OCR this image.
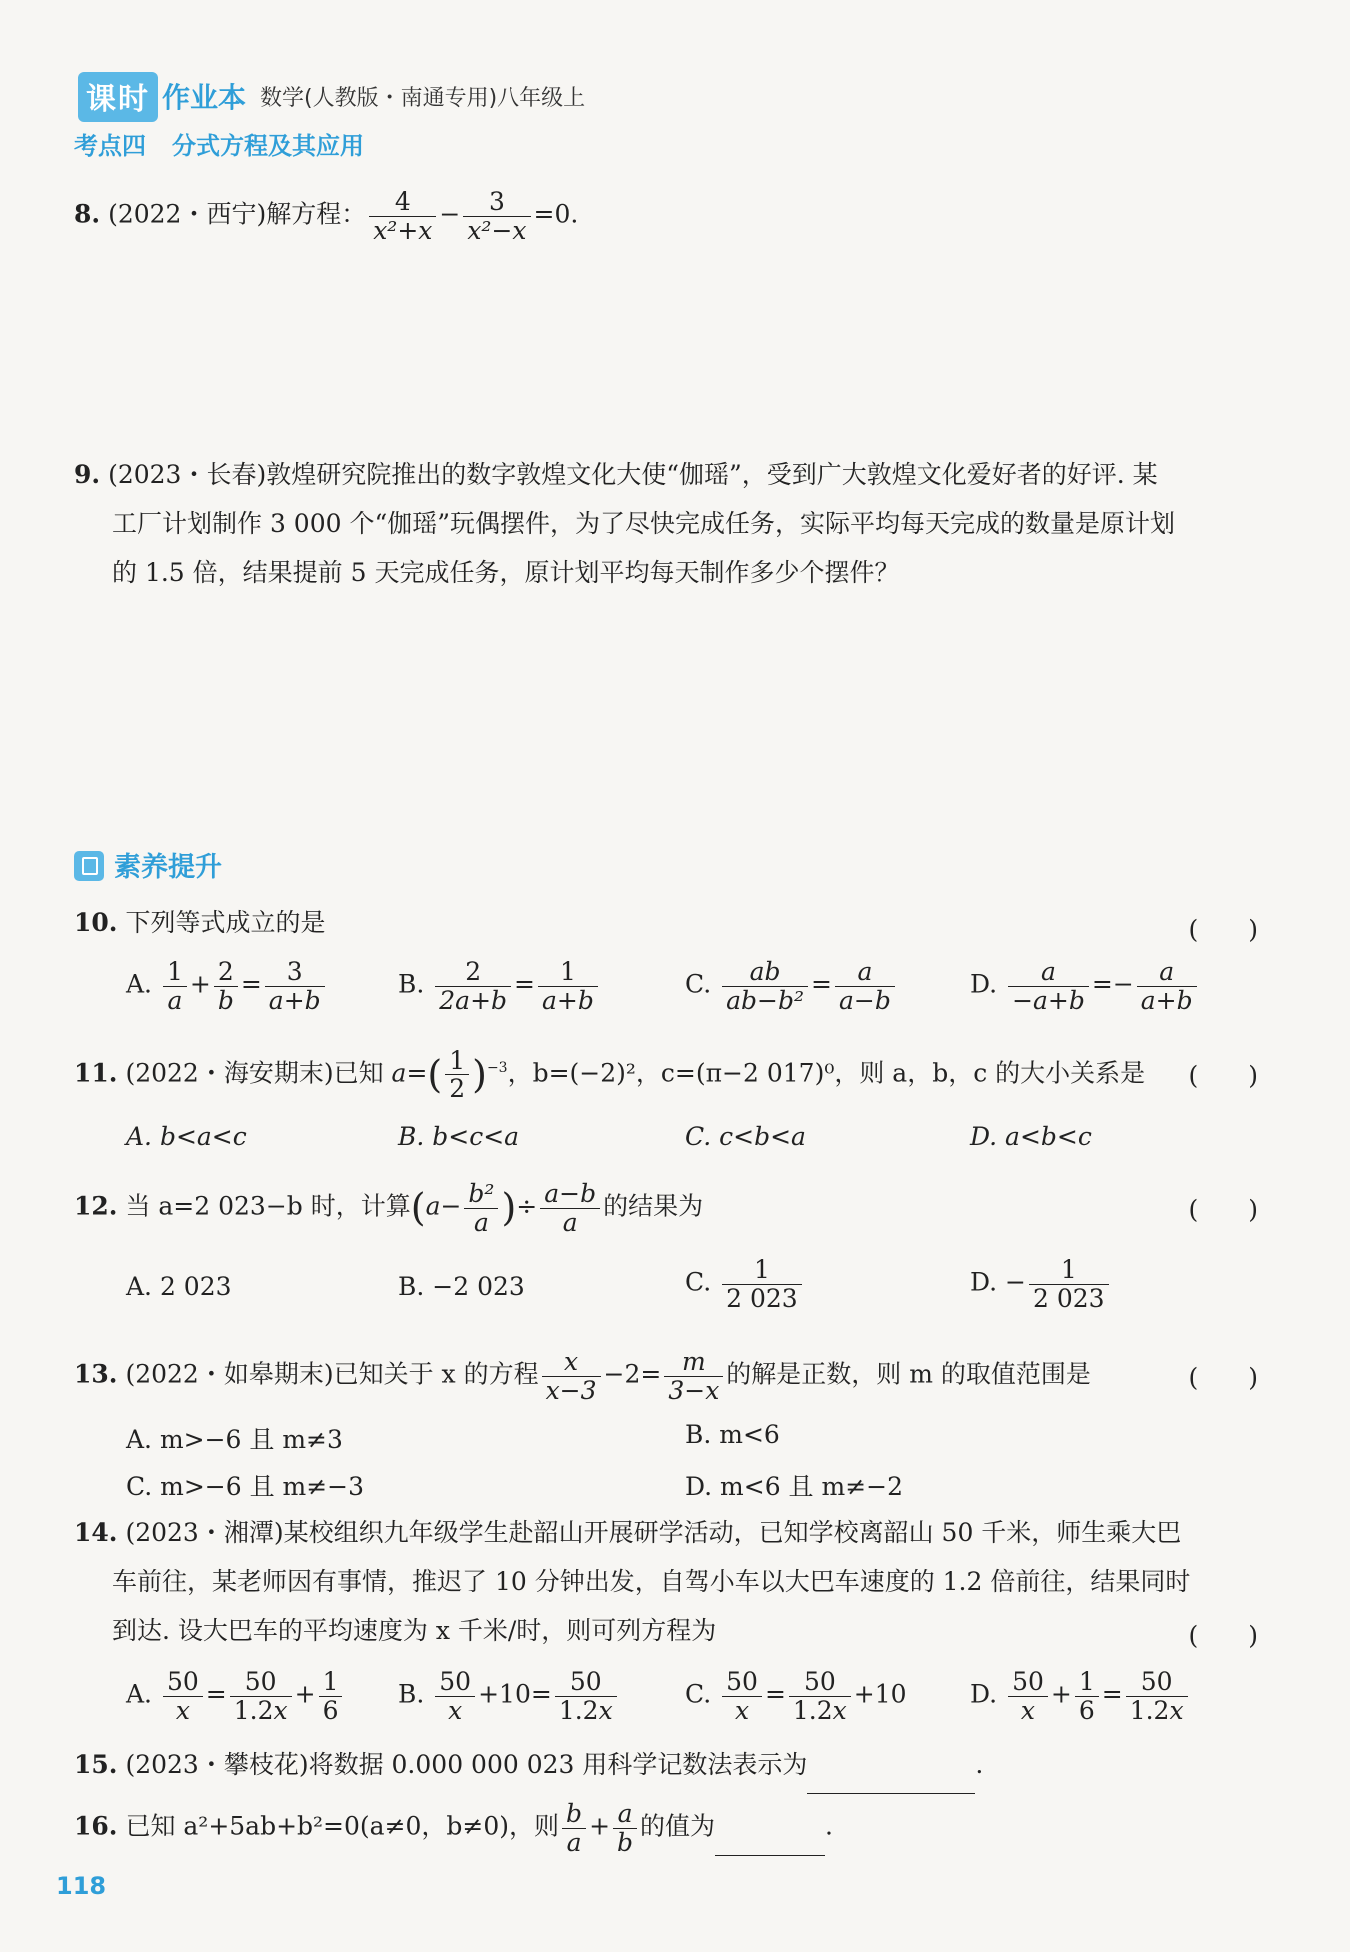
课时 作业本 数学(人教版・南通专用)八年级上
考点四 分式方程及其应用
8. (2022・西宁)解方程： $\frac{4}{\text{x²+x}} - \frac{3}{\text{x²−x}} =0$.
9. (2023・长春)敦煌研究院推出的数字敦煌文化大使“伽瑶”，受到广大敦煌文化爱好者的好评. 某
工厂计划制作 3 000 个“伽瑶”玩偶摆件，为了尽快完成任务，实际平均每天完成的数量是原计划
的 1.5 倍，结果提前 5 天完成任务，原计划平均每天制作多少个摆件？
素养提升
10. 下列等式成立的是	(　　)
A. $\frac{1}{a} + \frac{2}{b} = \frac{3}{a+b}$	B. $\frac{2}{2a+b} = \frac{1}{a+b}$	C. $\frac{ab}{\text{ab−b²}} = \frac{a}{a-b}$	D. $\frac{a}{-a+b} =- \frac{a}{a+b}$
11. (2022・海安期末)已知 $a=( \frac{1}{2} )^{-3}$，b=(−2)²，c=(π−2 017)⁰，则 a，b，c 的大小关系是 (　　)
A. b<a<c	B. b<c<a	C. c<b<a	D. a<b<c
12. 当 a=2 023−b 时，计算($a- \frac{\text{b²}}{a}$ )÷ $\frac{a-b}{a}$ 的结果为	(　　)
A. 2 023	B. −2 023	C. $\frac{1}{2 023}$	D. − $\frac{1}{2 023}$
13. (2022・如皋期末)已知关于 x 的方程 $\frac{x}{x-3} -2= \frac{m}{3-x}$ 的解是正数，则 m 的取值范围是	(　　)
A. m>−6 且 m≠3	B. m<6
C. m>−6 且 m≠−3	D. m<6 且 m≠−2
14. (2023・湘潭)某校组织九年级学生赴韶山开展研学活动，已知学校离韶山 50 千米，师生乘大巴
车前往，某老师因有事情，推迟了 10 分钟出发，自驾小车以大巴车速度的 1.2 倍前往，结果同时
到达. 设大巴车的平均速度为 x 千米/时，则可列方程为	(　　)
A. $\frac{50}{x} = \frac{50}{1.2x} + \frac{1}{6} B$. $\frac{50}{x} +10= \frac{50}{1.2x}$	C. $\frac{50}{x} = \frac{50}{1.2x} +10$	D. $\frac{50}{x} + \frac{1}{6} = \frac{50}{1.2x}$
15. (2023・攀枝花)将数据 0.000 000 023 用科学记数法表示为	.
16. 已知 a²+5ab+b²=0(a≠0，b≠0)，则 $\frac{b}{a} + \frac{a}{b}$ 的值为	.
118
